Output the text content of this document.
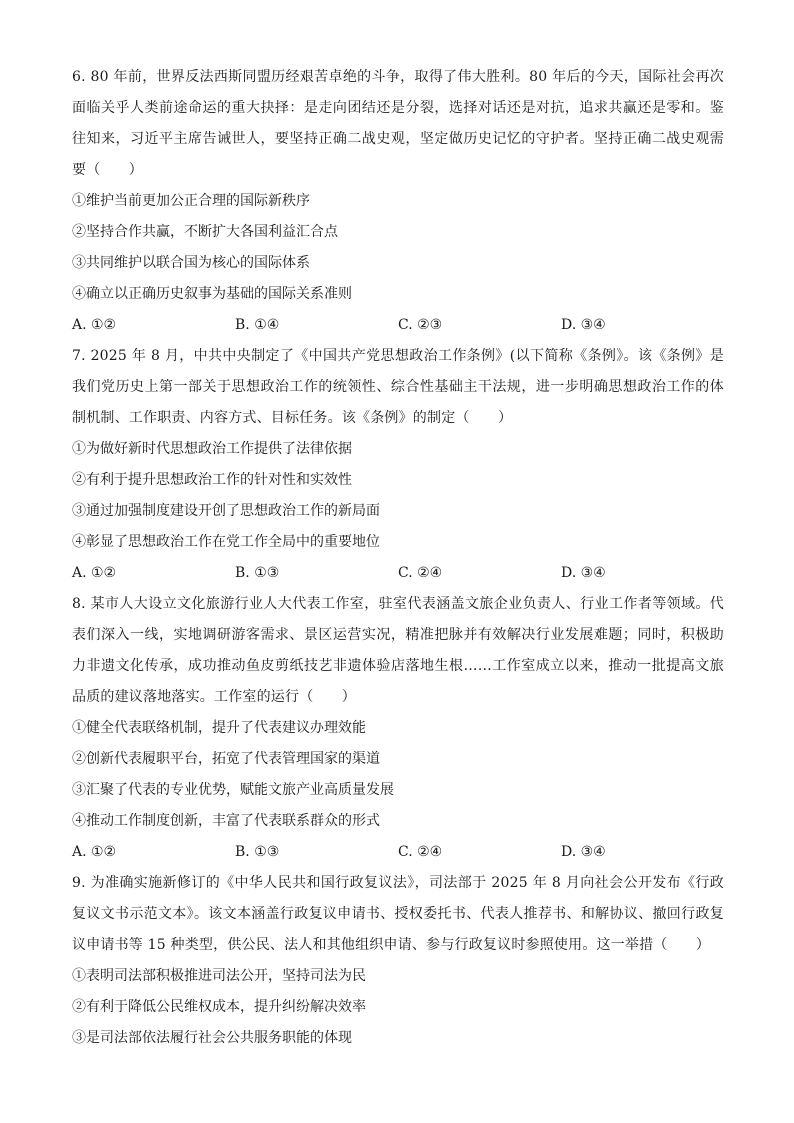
6. 80 年前，世界反法西斯同盟历经艰苦卓绝的斗争，取得了伟大胜利。80 年后的今天，国际社会再次面临关乎人类前途命运的重大抉择：是走向团结还是分裂，选择对话还是对抗，追求共赢还是零和。鉴往知来，习近平主席告诫世人，要坚持正确二战史观，坚定做历史记忆的守护者。坚持正确二战史观需要（　　）

①维护当前更加公正合理的国际新秩序

②坚持合作共赢，不断扩大各国利益汇合点

③共同维护以联合国为核心的国际体系

④确立以正确历史叙事为基础的国际关系准则

A. ①②	B. ①④	C. ②③	D. ③④

7. 2025 年 8 月，中共中央制定了《中国共产党思想政治工作条例》(以下简称《条例》。该《条例》是我们党历史上第一部关于思想政治工作的统领性、综合性基础主干法规，进一步明确思想政治工作的体制机制、工作职责、内容方式、目标任务。该《条例》的制定（　　）

①为做好新时代思想政治工作提供了法律依据

②有利于提升思想政治工作的针对性和实效性

③通过加强制度建设开创了思想政治工作的新局面

④彰显了思想政治工作在党工作全局中的重要地位

A. ①②	B. ①③	C. ②④	D. ③④

8. 某市人大设立文化旅游行业人大代表工作室，驻室代表涵盖文旅企业负责人、行业工作者等领域。代表们深入一线，实地调研游客需求、景区运营实况，精准把脉并有效解决行业发展难题；同时，积极助力非遗文化传承，成功推动鱼皮剪纸技艺非遗体验店落地生根……工作室成立以来，推动一批提高文旅品质的建议落地落实。工作室的运行（　　）

①健全代表联络机制，提升了代表建议办理效能

②创新代表履职平台，拓宽了代表管理国家的渠道

③汇聚了代表的专业优势，赋能文旅产业高质量发展

④推动工作制度创新，丰富了代表联系群众的形式

A. ①②	B. ①③	C. ②④	D. ③④

9. 为准确实施新修订的《中华人民共和国行政复议法》，司法部于 2025 年 8 月向社会公开发布《行政复议文书示范文本》。该文本涵盖行政复议申请书、授权委托书、代表人推荐书、和解协议、撤回行政复议申请书等 15 种类型，供公民、法人和其他组织申请、参与行政复议时参照使用。这一举措（　　）

①表明司法部积极推进司法公开，坚持司法为民

②有利于降低公民维权成本，提升纠纷解决效率

③是司法部依法履行社会公共服务职能的体现
